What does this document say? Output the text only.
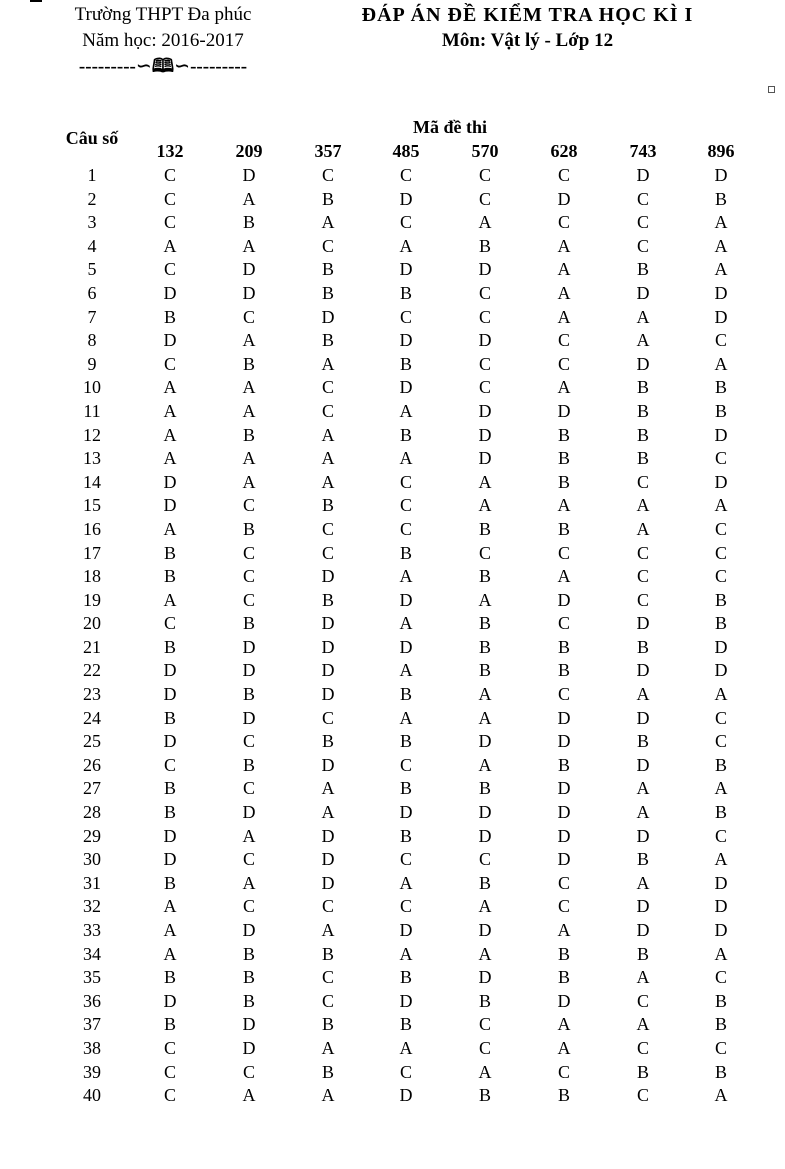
Trường THPT Đa phúc
Năm học: 2016-2017
---------∽🕮∽---------
ĐÁP ÁN ĐỀ KIỂM TRA HỌC KÌ I
Môn: Vật lý - Lớp 12
Câu số
Mã đề thi
132	209	357	485	570	628	743	896
1	C	D	C	C	C	C	D	D
2	C	A	B	D	C	D	C	B
3	C	B	A	C	A	C	C	A
4	A	A	C	A	B	A	C	A
5	C	D	B	D	D	A	B	A
6	D	D	B	B	C	A	D	D
7	B	C	D	C	C	A	A	D
8	D	A	B	D	D	C	A	C
9	C	B	A	B	C	C	D	A
10	A	A	C	D	C	A	B	B
11	A	A	C	A	D	D	B	B
12	A	B	A	B	D	B	B	D
13	A	A	A	A	D	B	B	C
14	D	A	A	C	A	B	C	D
15	D	C	B	C	A	A	A	A
16	A	B	C	C	B	B	A	C
17	B	C	C	B	C	C	C	C
18	B	C	D	A	B	A	C	C
19	A	C	B	D	A	D	C	B
20	C	B	D	A	B	C	D	B
21	B	D	D	D	B	B	B	D
22	D	D	D	A	B	B	D	D
23	D	B	D	B	A	C	A	A
24	B	D	C	A	A	D	D	C
25	D	C	B	B	D	D	B	C
26	C	B	D	C	A	B	D	B
27	B	C	A	B	B	D	A	A
28	B	D	A	D	D	D	A	B
29	D	A	D	B	D	D	D	C
30	D	C	D	C	C	D	B	A
31	B	A	D	A	B	C	A	D
32	A	C	C	C	A	C	D	D
33	A	D	A	D	D	A	D	D
34	A	B	B	A	A	B	B	A
35	B	B	C	B	D	B	A	C
36	D	B	C	D	B	D	C	B
37	B	D	B	B	C	A	A	B
38	C	D	A	A	C	A	C	C
39	C	C	B	C	A	C	B	B
40	C	A	A	D	B	B	C	A
